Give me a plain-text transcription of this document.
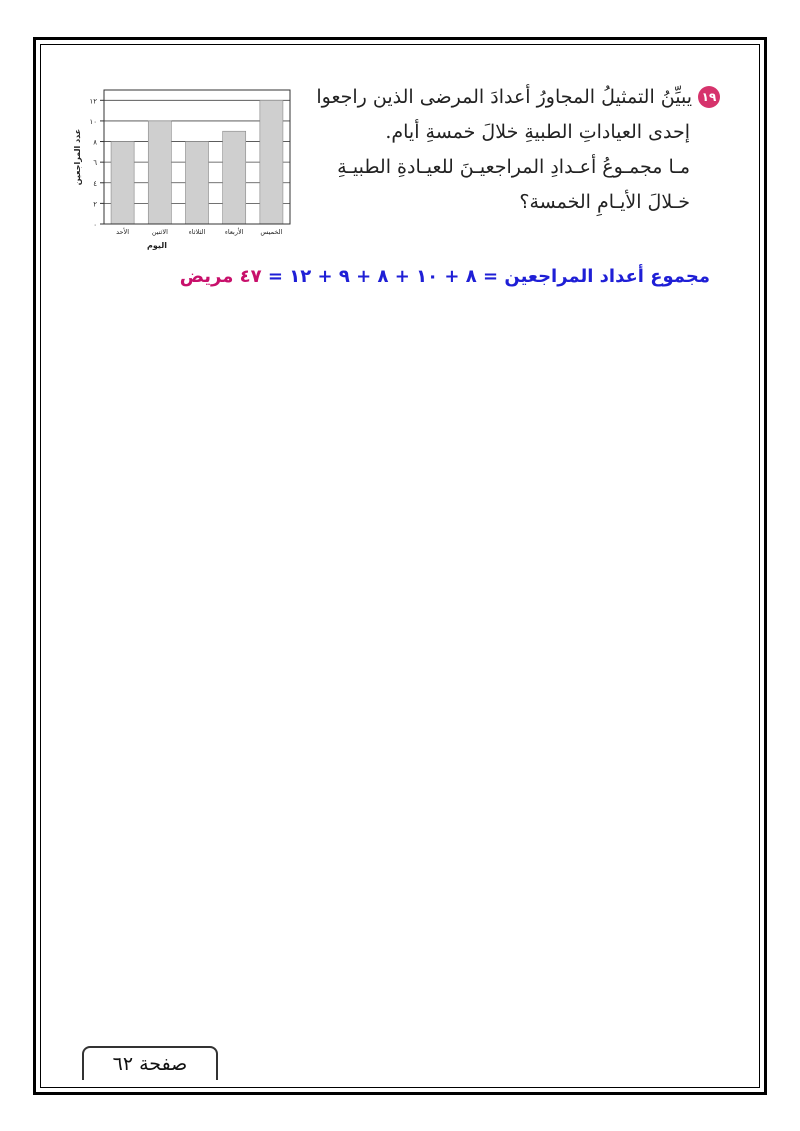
١٩يبيِّنُ التمثيلُ المجاورُ أعدادَ المرضى الذين راجعوا
إحدى العياداتِ الطبيةِ خلالَ خمسةِ أيام.
مـا مجمـوعُ أعـدادِ المراجعيـنَ للعيـادةِ الطبيـةِ
خـلالَ الأيـامِ الخمسة؟
٠
٢
٤
٦
٨
١٠
١٢
الأحد	الاثنين	الثلاثاء	الأربعاء	الخميس
اليوم
عدد المراجعين
مجموع أعداد المراجعين = ٨ + ١٠ + ٨ + ٩ + ١٢ = ٤٧ مريض
صفحة ٦٢
